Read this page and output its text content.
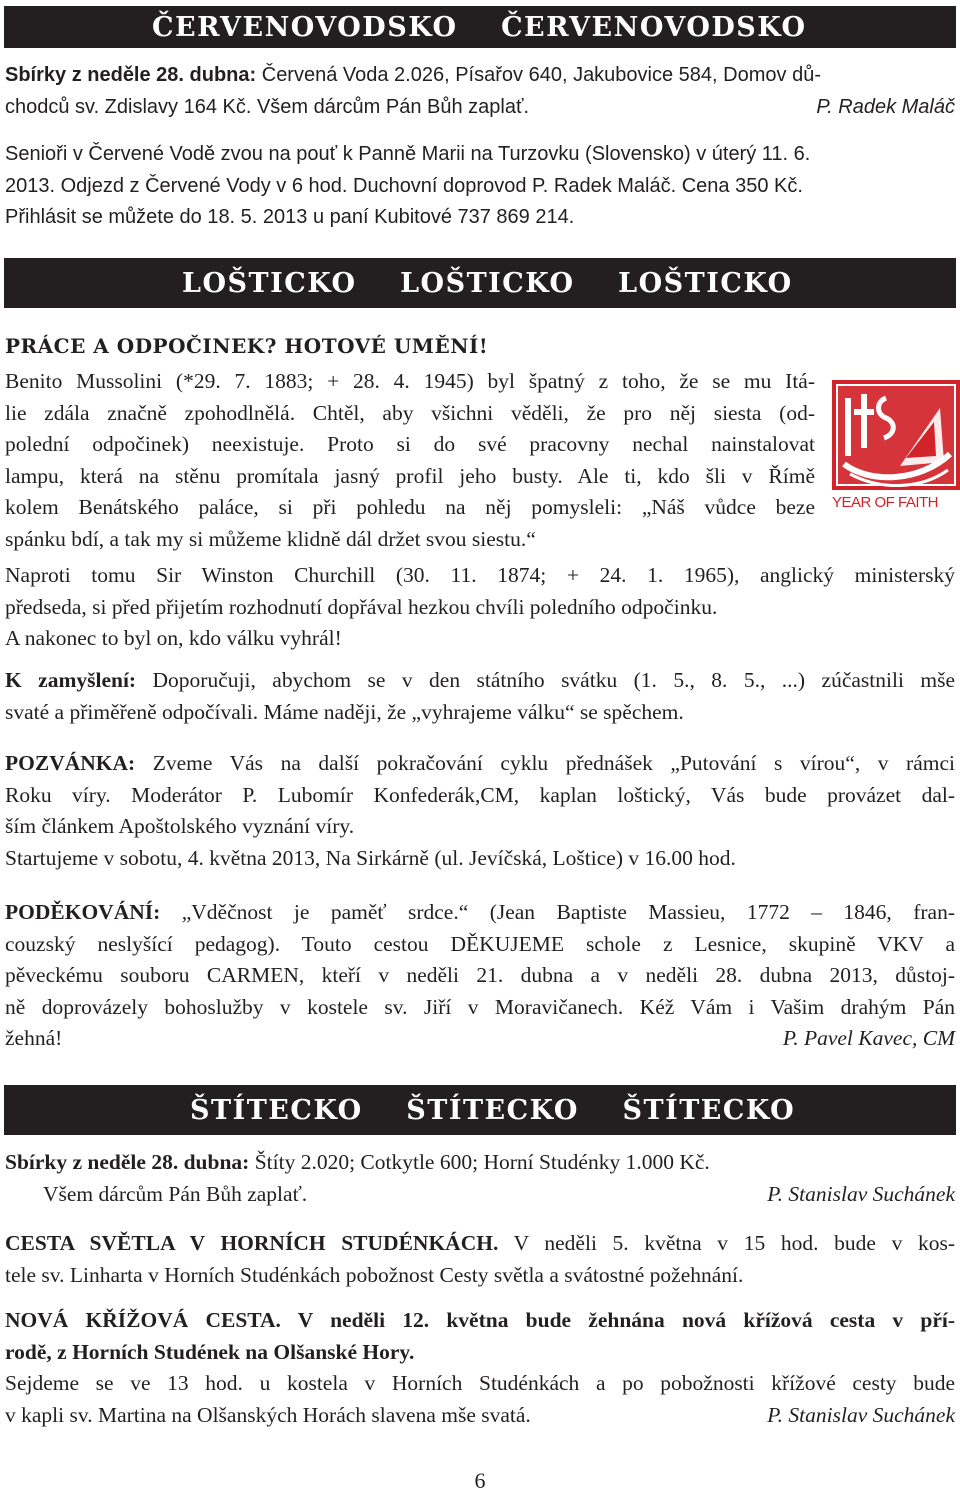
ČERVENOVODSKO    ČERVENOVODSKO
Sbírky z neděle 28. dubna: Červená Voda 2.026, Písařov 640, Jakubovice 584, Domov dů-
chodců sv. Zdislavy 164 Kč. Všem dárcům Pán Bůh zaplať.	P. Radek Maláč
Senioři v Červené Vodě zvou na pouť k Panně Marii na Turzovku (Slovensko) v úterý 11. 6.
2013. Odjezd z Červené Vody v 6 hod. Duchovní doprovod P. Radek Maláč. Cena 350 Kč.
Přihlásit se můžete do 18. 5. 2013 u paní Kubitové 737 869 214.
LOŠTICKO    LOŠTICKO    LOŠTICKO
PRÁCE A ODPOČINEK? HOTOVÉ UMĚNÍ!
Benito Mussolini (*29. 7. 1883; + 28. 4. 1945) byl špatný z toho, že se mu Itá-
lie zdála značně zpohodlnělá. Chtěl, aby všichni věděli, že pro něj siesta (od-
polední odpočinek) neexistuje. Proto si do své pracovny nechal nainstalovat
lampu, která na stěnu promítala jasný profil jeho busty. Ale ti, kdo šli v Římě
kolem Benátského paláce, si při pohledu na něj pomysleli: „Náš vůdce beze
spánku bdí, a tak my si můžeme klidně dál držet svou siestu.“
YEAR OF FAITH
Naproti tomu Sir Winston Churchill (30. 11. 1874; + 24. 1. 1965), anglický ministerský
předseda, si před přijetím rozhodnutí dopřával hezkou chvíli poledního odpočinku.
A nakonec to byl on, kdo válku vyhrál!
K zamyšlení: Doporučuji, abychom se v den státního svátku (1. 5., 8. 5., ...) zúčastnili mše
svaté a přiměřeně odpočívali. Máme naději, že „vyhrajeme válku“ se spěchem.
POZVÁNKA: Zveme Vás na další pokračování cyklu přednášek „Putování s vírou“, v rámci
Roku víry. Moderátor P. Lubomír Konfederák,CM, kaplan loštický, Vás bude provázet dal-
ším článkem Apoštolského vyznání víry.
Startujeme v sobotu, 4. května 2013, Na Sirkárně (ul. Jevíčská, Loštice) v 16.00 hod.
PODĚKOVÁNÍ: „Vděčnost je paměť srdce.“ (Jean Baptiste Massieu, 1772 – 1846, fran-
couzský neslyšící pedagog). Touto cestou DĚKUJEME schole z Lesnice, skupině VKV a
pěveckému souboru CARMEN, kteří v neděli 21. dubna a v neděli 28. dubna 2013, důstoj-
ně doprovázely bohoslužby v kostele sv. Jiří v Moravičanech. Kéž Vám i Vašim drahým Pán
žehná!	P. Pavel Kavec, CM
ŠTÍTECKO    ŠTÍTECKO    ŠTÍTECKO
Sbírky z neděle 28. dubna: Štíty 2.020; Cotkytle 600; Horní Studénky 1.000 Kč.
Všem dárcům Pán Bůh zaplať.	P. Stanislav Suchánek
CESTA SVĚTLA V HORNÍCH STUDÉNKÁCH. V neděli 5. května v 15 hod. bude v kos-
tele sv. Linharta v Horních Studénkách pobožnost Cesty světla a svátostné požehnání.
NOVÁ KŘÍŽOVÁ CESTA. V neděli 12. května bude žehnána nová křížová cesta v pří-
rodě, z Horních Studének na Olšanské Hory.
Sejdeme se ve 13 hod. u kostela v Horních Studénkách a po pobožnosti křížové cesty bude
v kapli sv. Martina na Olšanských Horách slavena mše svatá.	P. Stanislav Suchánek
6
